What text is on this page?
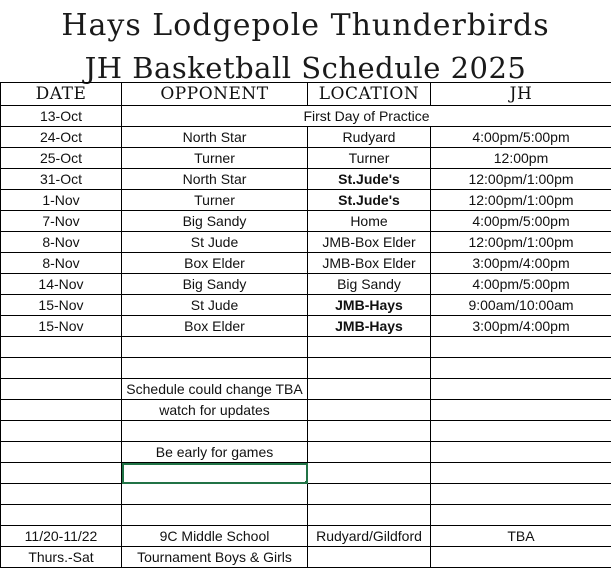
Hays Lodgepole Thunderbirds
JH Basketball Schedule 2025
DATE	OPPONENT	LOCATION	JH
13-Oct	First Day of Practice		
24-Oct	North Star	Rudyard	4:00pm/5:00pm
25-Oct	Turner	Turner	12:00pm
31-Oct	North Star	St.Jude's	12:00pm/1:00pm
1-Nov	Turner	St.Jude's	12:00pm/1:00pm
7-Nov	Big Sandy	Home	4:00pm/5:00pm
8-Nov	St Jude	JMB-Box Elder	12:00pm/1:00pm
8-Nov	Box Elder	JMB-Box Elder	3:00pm/4:00pm
14-Nov	Big Sandy	Big Sandy	4:00pm/5:00pm
15-Nov	St Jude	JMB-Hays	9:00am/10:00am
15-Nov	Box Elder	JMB-Hays	3:00pm/4:00pm

	Schedule could change TBA		
	watch for updates		

	Be early for games		

11/20-11/22	9C Middle School	Rudyard/Gildford	TBA
Thurs.-Sat	Tournament Boys & Girls		
